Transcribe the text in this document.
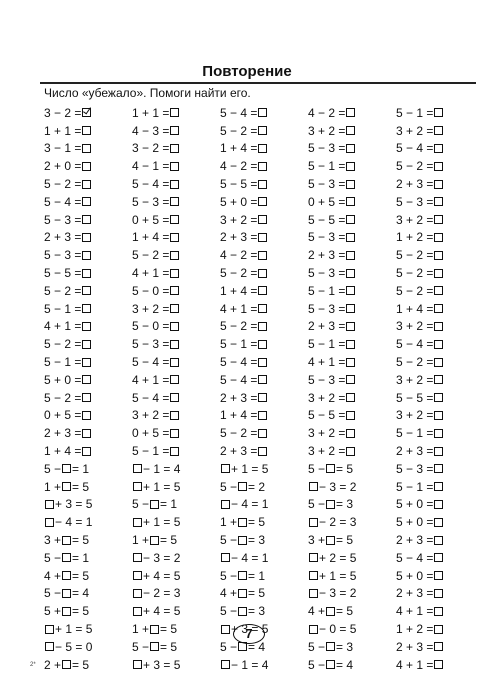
Повторение
Число «убежало». Помоги найти его.
3 − 2 =	1 + 1 =	5 − 4 =	4 − 2 =	5 − 1 =
1 + 1 =	4 − 3 =	5 − 2 =	3 + 2 =	3 + 2 =
3 − 1 =	3 − 2 =	1 + 4 =	5 − 3 =	5 − 4 =
2 + 0 =	4 − 1 =	4 − 2 =	5 − 1 =	5 − 2 =
5 − 2 =	5 − 4 =	5 − 5 =	5 − 3 =	2 + 3 =
5 − 4 =	5 − 3 =	5 + 0 =	0 + 5 =	5 − 3 =
5 − 3 =	0 + 5 =	3 + 2 =	5 − 5 =	3 + 2 =
2 + 3 =	1 + 4 =	2 + 3 =	5 − 3 =	1 + 2 =
5 − 3 =	5 − 2 =	4 − 2 =	2 + 3 =	5 − 2 =
5 − 5 =	4 + 1 =	5 − 2 =	5 − 3 =	5 − 2 =
5 − 2 =	5 − 0 =	1 + 4 =	5 − 1 =	5 − 2 =
5 − 1 =	3 + 2 =	4 + 1 =	5 − 3 =	1 + 4 =
4 + 1 =	5 − 0 =	5 − 2 =	2 + 3 =	3 + 2 =
5 − 2 =	5 − 3 =	5 − 1 =	5 − 1 =	5 − 4 =
5 − 1 =	5 − 4 =	5 − 4 =	4 + 1 =	5 − 2 =
5 + 0 =	4 + 1 =	5 − 4 =	5 − 3 =	3 + 2 =
5 − 2 =	5 − 4 =	2 + 3 =	3 + 2 =	5 − 5 =
0 + 5 =	3 + 2 =	1 + 4 =	5 − 5 =	3 + 2 =
2 + 3 =	0 + 5 =	5 − 2 =	3 + 2 =	5 − 1 =
1 + 4 =	5 − 1 =	2 + 3 =	3 + 2 =	2 + 3 =
5 − = 1	− 1 = 4	+ 1 = 5	5 − = 5	5 − 3 =
1 + = 5	+ 1 = 5	5 − = 2	− 3 = 2	5 − 1 =
+ 3 = 5	5 − = 1	− 4 = 1	5 − = 3	5 + 0 =
− 4 = 1	+ 1 = 5	1 + = 5	− 2 = 3	5 + 0 =
3 + = 5	1 + = 5	5 − = 3	3 + = 5	2 + 3 =
5 − = 1	− 3 = 2	− 4 = 1	+ 2 = 5	5 − 4 =
4 + = 5	+ 4 = 5	5 − = 1	+ 1 = 5	5 + 0 =
5 − = 4	− 2 = 3	4 + = 5	− 3 = 2	2 + 3 =
5 + = 5	+ 4 = 5	5 − = 3	4 + = 5	4 + 1 =
+ 1 = 5	1 + = 5	+ 3 = 5	− 0 = 5	1 + 2 =
− 5 = 0	5 − = 5	5 − = 4	5 − = 3	2 + 3 =
2 + = 5	+ 3 = 5	− 1 = 4	5 − = 4	4 + 1 =
7
2*
